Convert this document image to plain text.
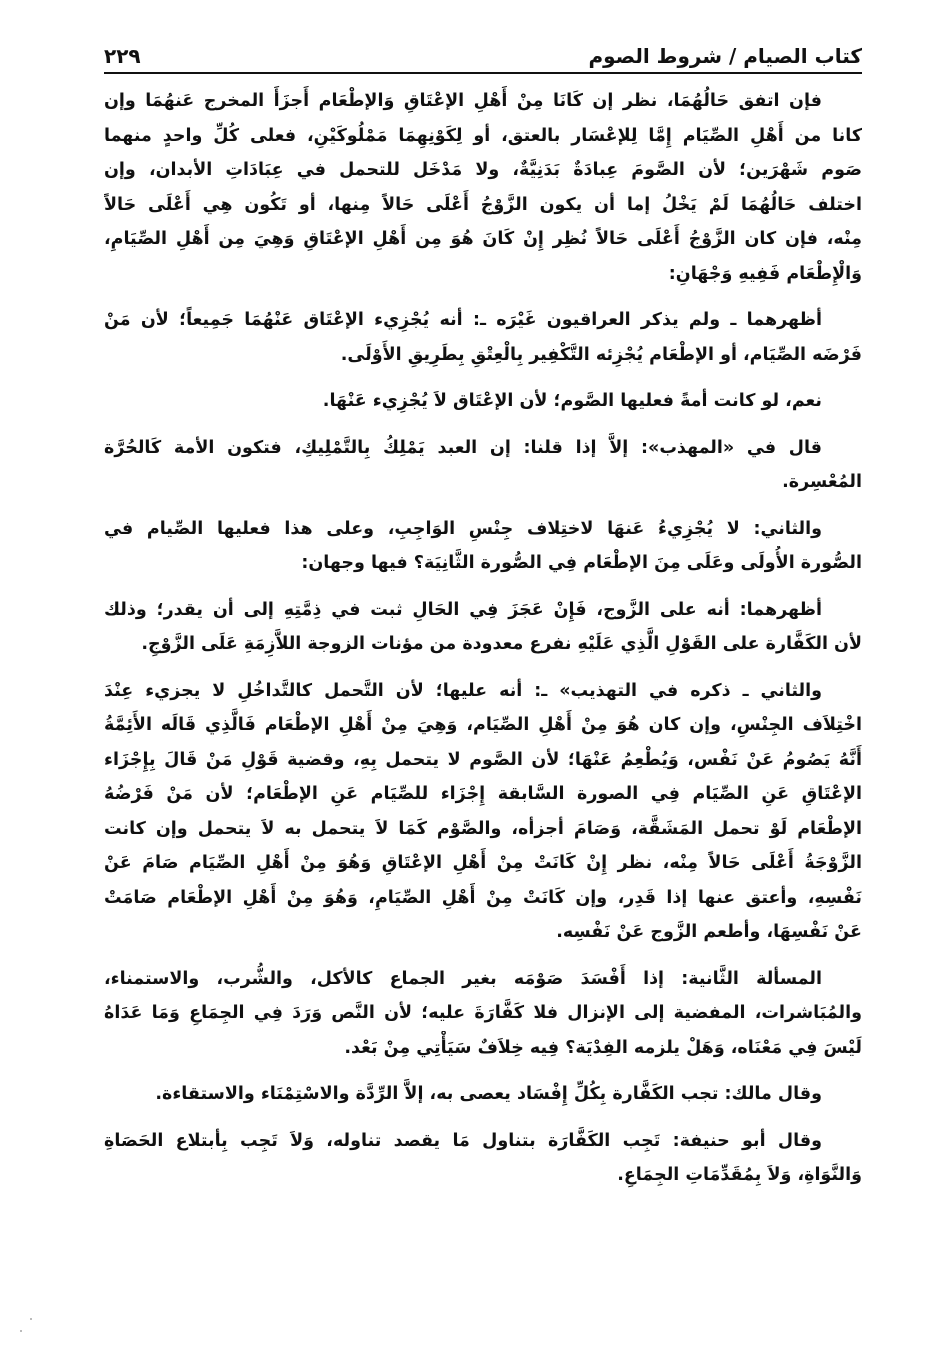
كتاب الصيام / شروط الصوم
٢٢٩
فإن اتفق حَالُهُمَا، نظر إن كَانَا مِنْ أَهْلِ الإعْتَاقِ وَالإطْعَام أَجزَأَ المخرج عَنهُمَا وإن
كانا من أَهْلِ الصِّيَام إِمَّا لِلإعْسَار بالعتق، أو لِكَوْنِهِمَا مَمْلُوكَيْنِ، فعلى كُلِّ واحدٍ منهما
صَوم شَهْرَين؛ لأن الصَّومَ عِبادَةٌ بَدَنِيَّةٌ، ولا مَدْخَل للتحمل في عِبَادَاتِ الأبدان، وإن
اختلف حَالُهُمَا لَمْ يَخْلُ إما أن يكون الزَّوْجُ أَعْلَى حَالاً مِنها، أو تَكُون هِي أَعْلَى حَالاً
مِنْه، فإن كان الزَّوْجُ أَعْلَى حَالاً نُظِر إِنْ كَانَ هُوَ مِن أَهْلِ الإعْتَاقِ وَهِيَ مِن أَهْلِ الصِّيَامِ،
وَالْإِطْعَام فَفِيهِ وَجْهَانِ:
أظهرهما ـ ولم يذكر العراقيون غَيْرَه ـ: أنه يُجْزِيء الإعْتَاق عَنْهُمَا جَمِيعاً؛ لأن مَنْ
فَرْضَه الصِّيَام، أو الإطْعَام يُجْزِئه التَّكْفِير بِالْعِتْقِ بِطَرِيقِ الأَوْلَى.
نعم، لو كانت أمةً فعليها الصَّوم؛ لأن الإعْتَاق لاَ يُجْزِيء عَنْهَا.
قال في «المهذب»: إلاَّ إذا قلنا: إن العبد يَمْلِكُ بِالتَّمْلِيكِ، فتكون الأمة كَالحُرَّة
المُعْسِرة.
والثاني: لا يُجْزِيءُ عَنهَا لاختِلاف جِنْسِ الوَاجِبِ، وعلى هذا فعليها الصِّيام في
الصُّورة الأُولَى وعَلَى مِنَ الإطْعَام فِي الصُّورة الثَّانِيَة؟ فيها وجهان:
أظهرهما: أنه على الزَّوج، فَإِنْ عَجَزَ فِي الحَالِ ثبت في ذِمَّتِهِ إلى أن يقدر؛ وذلك
لأن الكَفَّارة على القَوْلِ الَّذِي عَلَيْهِ نفرع معدودة من مؤنات الزوجة اللاَّزِمَةِ عَلَى الزَّوْجِ.
والثاني ـ ذكره في التهذيب» ـ: أنه عليها؛ لأن التَّحمل كالتَّداخُلِ لا يجزيء عِنْدَ
اخْتِلاَف الجِنْسِ، وإن كان هُوَ مِنْ أَهْلِ الصِّيَام، وَهِيَ مِنْ أَهْلِ الإطْعَام فَالَّذِي قَالَه الأَئِمَّةُ
أَنَّهُ يَصُومُ عَنْ نَفْس، وَيُطْعِمُ عَنْهَا؛ لأن الصَّوم لا يتحمل بِهِ، وقضية قَوْلِ مَنْ قَالَ بِإِجْزَاء
الإعْتَاقِ عَنِ الصِّيَام فِي الصورة السَّابقة إِجْزَاء للصِّيَام عَنِ الإطْعَام؛ لأن مَنْ فَرْضُهُ
الإطْعَام لَوْ تحمل المَشَقَّة، وَصَامَ أجزأه، والصَّوْم كَمَا لاَ يتحمل به لاَ يتحمل وإن كانت
الزَّوْجَةُ أَعْلَى حَالاً مِنْه، نظر إِنْ كَانَتْ مِنْ أَهْلِ الإعْتَاقِ وَهُوَ مِنْ أَهْلِ الصِّيَام صَامَ عَنْ
نَفْسِهِ، وأعتق عنها إذا قَدِر، وإن كَانَتْ مِنْ أَهْلِ الصِّيَامِ، وَهُوَ مِنْ أَهْلِ الإطْعَام صَامَتْ
عَنْ نَفْسِهَا، وأطعم الزَّوج عَنْ نَفْسِه.
المسألة الثَّانية: إذا أَفْسَدَ صَوْمَه بغير الجماع كالأكل، والشُّرب، والاستمناء،
والمُبَاشرات، المفضية إلى الإنزال فلا كَفَّارَةَ عليه؛ لأن النَّص وَرَدَ فِي الجِمَاعِ وَمَا عَدَاهُ
لَيْسَ فِي مَعْنَاه، وَهَلْ يلزمه الفِدْيَة؟ فِيه خِلاَفٌ سَيَأْتِي مِنْ بَعْد.
وقال مالك: تجب الكَفَّارة بِكُلِّ إِفْسَاد يعصى به، إلاَّ الرِّدَّة والاسْتِمْنَاء والاستقاءة.
وقال أبو حنيفة: تَجِب الكَفَّارَة بتناول مَا يقصد تناوله، وَلاَ تَجِب بِأبتلاع الحَصَاةِ
وَالنَّوَاةِ، وَلاَ بِمُقَدِّمَاتِ الجِمَاعِ.
